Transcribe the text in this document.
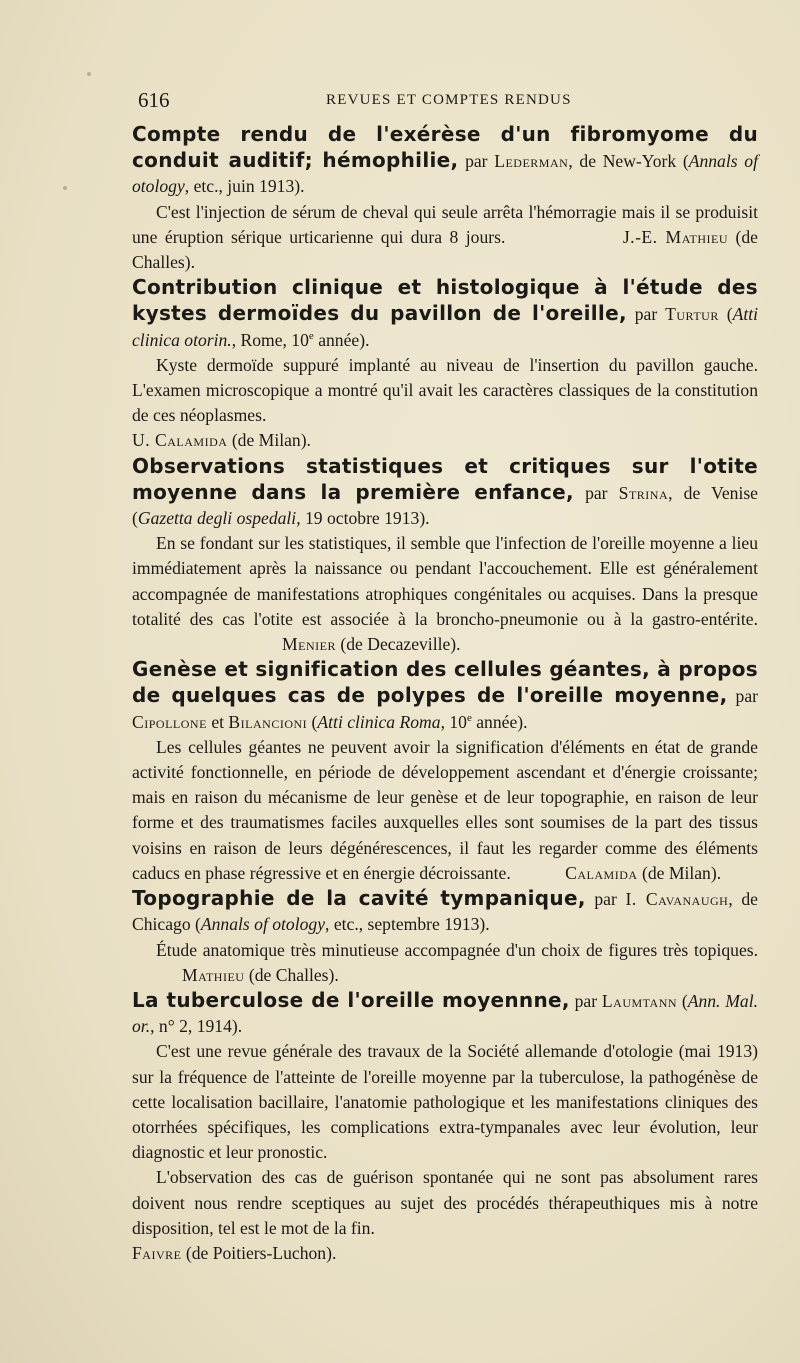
616	REVUES ET COMPTES RENDUS

Compte rendu de l'exérèse d'un fibromyome du conduit auditif; hémophilie, par Lederman, de New-York (Annals of otology, etc., juin 1913).

C'est l'injection de sérum de cheval qui seule arrêta l'hémorragie mais il se produisit une éruption sérique urticarienne qui dura 8 jours.	J.-E. Mathieu (de Challes).

Contribution clinique et histologique à l'étude des kystes dermoïdes du pavillon de l'oreille, par Turtur (Atti clinica otorin., Rome, 10e année).

Kyste dermoïde suppuré implanté au niveau de l'insertion du pavillon gauche. L'examen microscopique a montré qu'il avait les caractères classiques de la constitution de ces néoplasmes.

U. Calamida (de Milan).

Observations statistiques et critiques sur l'otite moyenne dans la première enfance, par Strina, de Venise (Gazetta degli ospedali, 19 octobre 1913).

En se fondant sur les statistiques, il semble que l'infection de l'oreille moyenne a lieu immédiatement après la naissance ou pendant l'accouchement. Elle est généralement accompagnée de manifestations atrophiques congénitales ou acquises. Dans la presque totalité des cas l'otite est associée à la broncho-pneumonie ou à la gastro-entérite. Menier (de Decazeville).

Genèse et signification des cellules géantes, à propos de quelques cas de polypes de l'oreille moyenne, par Cipollone et Bilancioni (Atti clinica Roma, 10e année).

Les cellules géantes ne peuvent avoir la signification d'éléments en état de grande activité fonctionnelle, en période de développement ascendant et d'énergie croissante; mais en raison du mécanisme de leur genèse et de leur topographie, en raison de leur forme et des traumatismes faciles auxquelles elles sont soumises de la part des tissus voisins en raison de leurs dégénérescences, il faut les regarder comme des éléments caducs en phase régressive et en énergie décroissante.	Calamida (de Milan).

Topographie de la cavité tympanique, par I. Cavanaugh, de Chicago (Annals of otology, etc., septembre 1913).

Étude anatomique très minutieuse accompagnée d'un choix de figures très topiques. Mathieu (de Challes).

La tuberculose de l'oreille moyennne, par Laumtann (Ann. Mal. or., n° 2, 1914).

C'est une revue générale des travaux de la Société allemande d'otologie (mai 1913) sur la fréquence de l'atteinte de l'oreille moyenne par la tuberculose, la pathogénèse de cette localisation bacillaire, l'anatomie pathologique et les manifestations cliniques des otorrhées spécifiques, les complications extra-tympanales avec leur évolution, leur diagnostic et leur pronostic.

L'observation des cas de guérison spontanée qui ne sont pas absolument rares doivent nous rendre sceptiques au sujet des procédés thérapeuthiques mis à notre disposition, tel est le mot de la fin.

Faivre (de Poitiers-Luchon).
